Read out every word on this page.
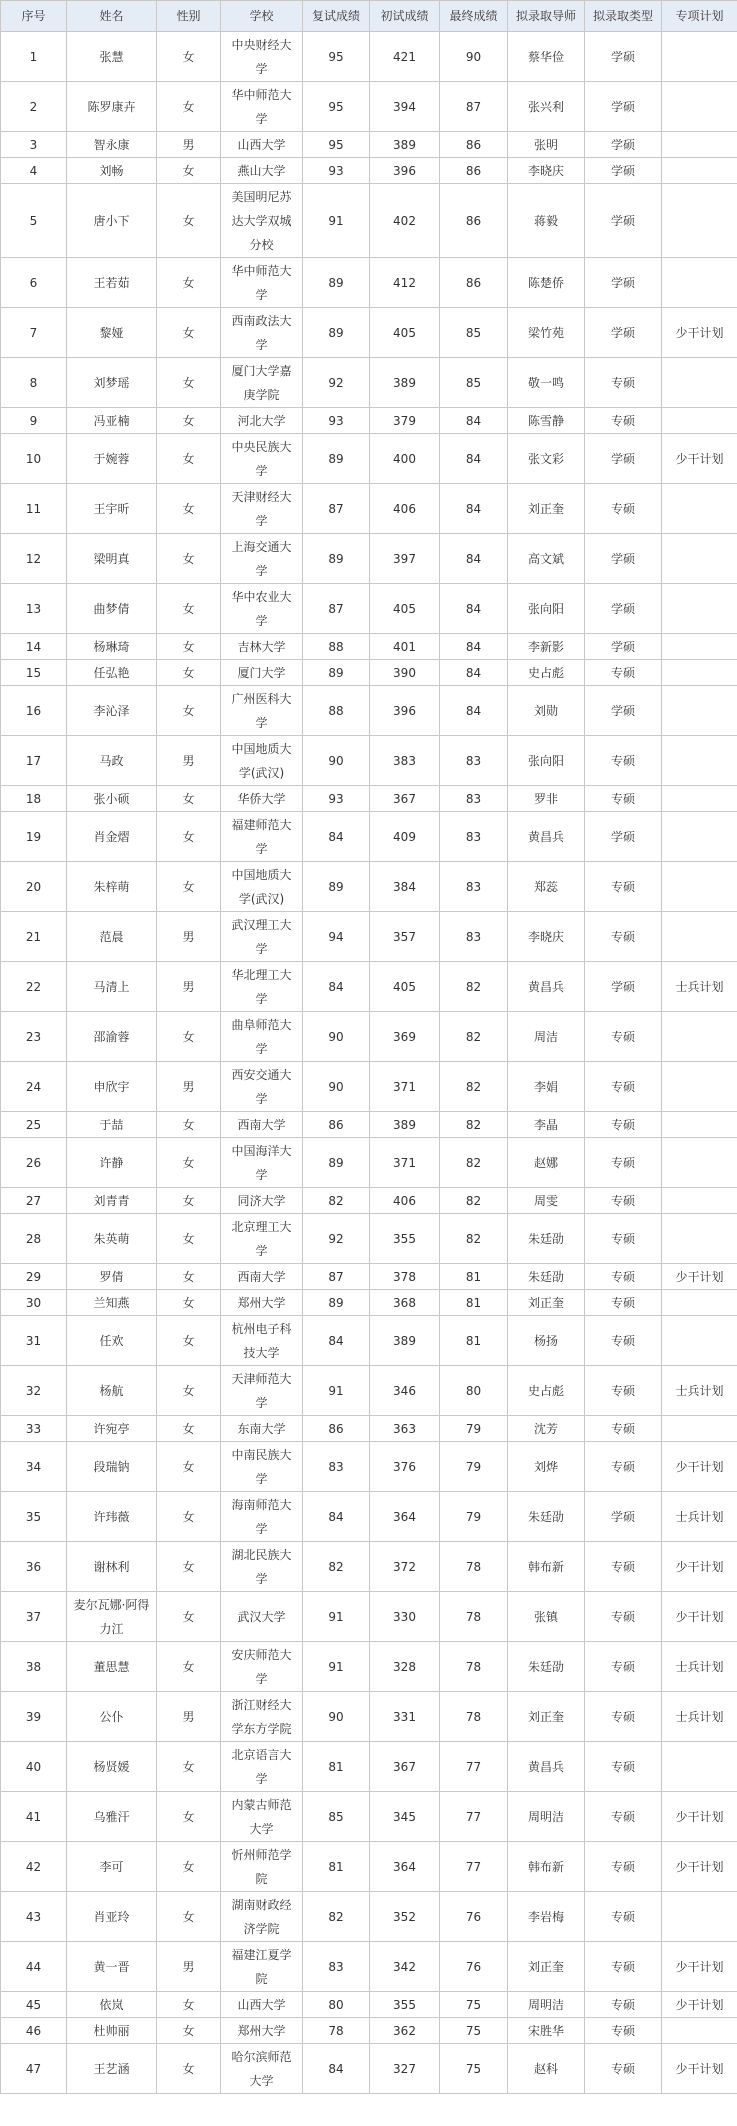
序号	姓名	性别	学校	复试成绩	初试成绩	最终成绩	拟录取导师	拟录取类型	专项计划
1	张慧	女	中央财经大学	95	421	90	蔡华俭	学硕	
2	陈罗康卉	女	华中师范大学	95	394	87	张兴利	学硕	
3	智永康	男	山西大学	95	389	86	张明	学硕	
4	刘畅	女	燕山大学	93	396	86	李晓庆	学硕	
5	唐小下	女	美国明尼苏达大学双城分校	91	402	86	蒋毅	学硕	
6	王若茹	女	华中师范大学	89	412	86	陈楚侨	学硕	
7	黎娅	女	西南政法大学	89	405	85	梁竹苑	学硕	少干计划
8	刘梦瑶	女	厦门大学嘉庚学院	92	389	85	敬一鸣	专硕	
9	冯亚楠	女	河北大学	93	379	84	陈雪静	专硕	
10	于婉蓉	女	中央民族大学	89	400	84	张文彩	学硕	少干计划
11	王宇昕	女	天津财经大学	87	406	84	刘正奎	专硕	
12	梁明真	女	上海交通大学	89	397	84	高文斌	学硕	
13	曲梦倩	女	华中农业大学	87	405	84	张向阳	学硕	
14	杨琳琦	女	吉林大学	88	401	84	李新影	学硕	
15	任弘艳	女	厦门大学	89	390	84	史占彪	专硕	
16	李沁泽	女	广州医科大学	88	396	84	刘勋	学硕	
17	马政	男	中国地质大学(武汉)	90	383	83	张向阳	专硕	
18	张小硕	女	华侨大学	93	367	83	罗非	专硕	
19	肖金熠	女	福建师范大学	84	409	83	黄昌兵	学硕	
20	朱梓萌	女	中国地质大学(武汉)	89	384	83	郑蕊	专硕	
21	范晨	男	武汉理工大学	94	357	83	李晓庆	专硕	
22	马清上	男	华北理工大学	84	405	82	黄昌兵	学硕	士兵计划
23	邵渝蓉	女	曲阜师范大学	90	369	82	周洁	专硕	
24	申欣宇	男	西安交通大学	90	371	82	李娟	专硕	
25	于喆	女	西南大学	86	389	82	李晶	专硕	
26	许静	女	中国海洋大学	89	371	82	赵娜	专硕	
27	刘青青	女	同济大学	82	406	82	周雯	专硕	
28	朱英萌	女	北京理工大学	92	355	82	朱廷劭	专硕	
29	罗倩	女	西南大学	87	378	81	朱廷劭	专硕	少干计划
30	兰知燕	女	郑州大学	89	368	81	刘正奎	专硕	
31	任欢	女	杭州电子科技大学	84	389	81	杨扬	专硕	
32	杨航	女	天津师范大学	91	346	80	史占彪	专硕	士兵计划
33	许宛亭	女	东南大学	86	363	79	沈芳	专硕	
34	段瑞钠	女	中南民族大学	83	376	79	刘烨	专硕	少干计划
35	许玮薇	女	海南师范大学	84	364	79	朱廷劭	学硕	士兵计划
36	谢林利	女	湖北民族大学	82	372	78	韩布新	专硕	少干计划
37	麦尔瓦娜·阿得力江	女	武汉大学	91	330	78	张镇	专硕	少干计划
38	董思慧	女	安庆师范大学	91	328	78	朱廷劭	专硕	士兵计划
39	公仆	男	浙江财经大学东方学院	90	331	78	刘正奎	专硕	士兵计划
40	杨贤媛	女	北京语言大学	81	367	77	黄昌兵	专硕	
41	乌雅汗	女	内蒙古师范大学	85	345	77	周明洁	专硕	少干计划
42	李可	女	忻州师范学院	81	364	77	韩布新	专硕	少干计划
43	肖亚玲	女	湖南财政经济学院	82	352	76	李岩梅	专硕	
44	黄一晋	男	福建江夏学院	83	342	76	刘正奎	专硕	少干计划
45	依岚	女	山西大学	80	355	75	周明洁	专硕	少干计划
46	杜帅丽	女	郑州大学	78	362	75	宋胜华	专硕	
47	王艺涵	女	哈尔滨师范大学	84	327	75	赵科	专硕	少干计划
